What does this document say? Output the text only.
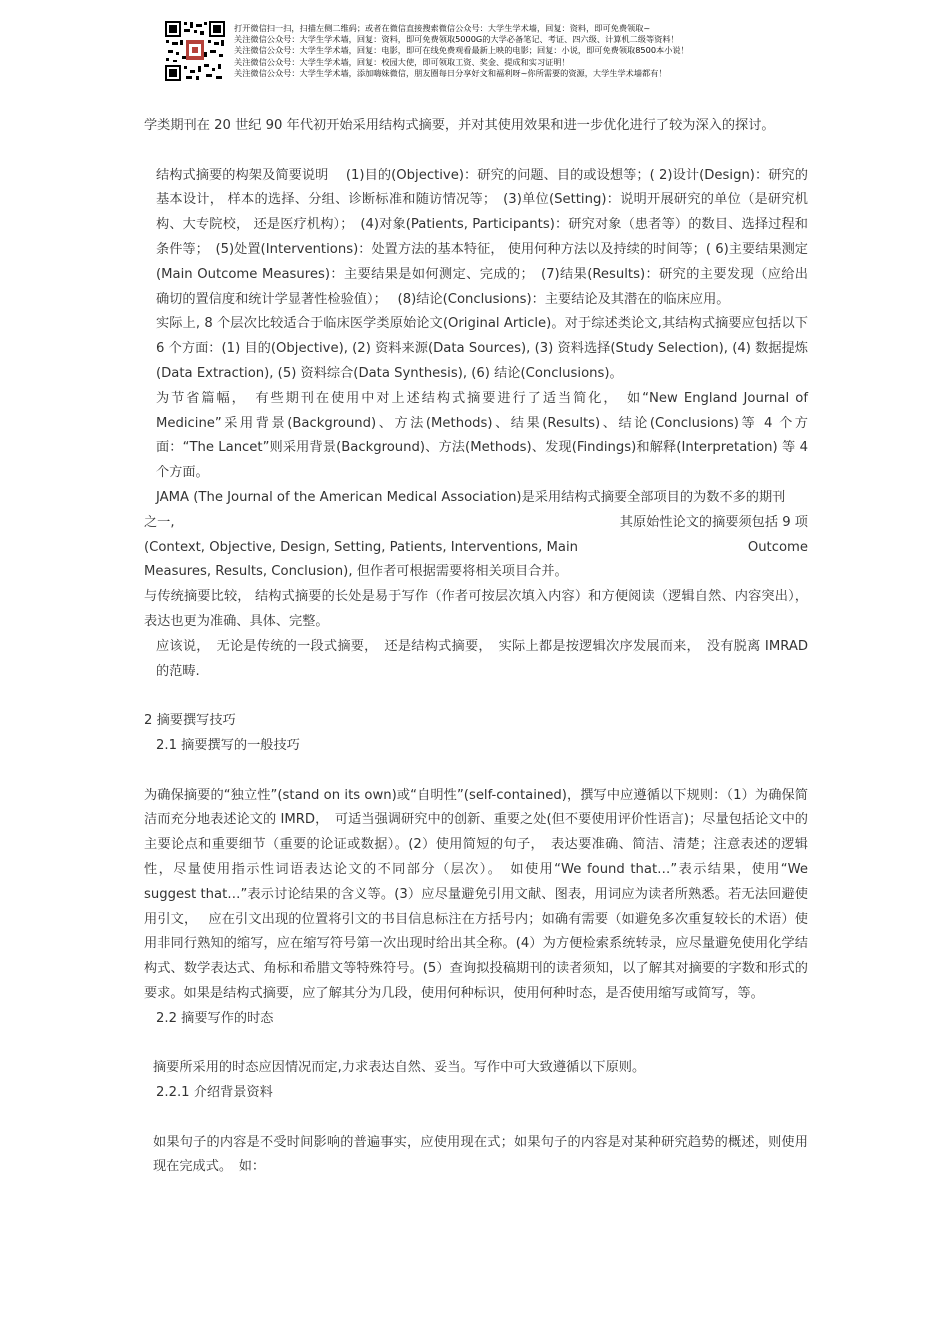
打开微信扫一扫，扫描左侧二维码；或者在微信直接搜索微信公众号：大学生学术墙，回复：资料，即可免费领取~
关注微信公众号：大学生学术墙，回复：资料，即可免费领取5000G的大学必备笔记、考证、四六级、计算机二级等资料！
关注微信公众号：大学生学术墙，回复：电影，即可在线免费观看最新上映的电影；回复：小说，即可免费领取8500本小说！
关注微信公众号：大学生学术墙，回复：校园大使，即可领取工资、奖金、提成和实习证明！
关注微信公众号：大学生学术墙，添加嗨妹微信，朋友圈每日分享好文和福利呀~你所需要的资源，大学生学术墙都有！

学类期刊在 20 世纪 90 年代初开始采用结构式摘要，并对其使用效果和进一步优化进行了较为深入的探讨。

结构式摘要的构架及简要说明　 (1)目的(Objective)：研究的问题、目的或设想等；( 2)设计(Design)：研究的基本设计， 样本的选择、分组、诊断标准和随访情况等；　(3)单位(Setting)：说明开展研究的单位（是研究机构、大专院校， 还是医疗机构）；　(4)对象(Patients, Participants)：研究对象（患者等）的数目、选择过程和条件等；　(5)处置(Interventions)：处置方法的基本特征， 使用何种方法以及持续的时间等；( 6)主要结果测定(Main Outcome Measures)：主要结果是如何测定、完成的；　(7)结果(Results)：研究的主要发现（应给出确切的置信度和统计学显著性检验值）；　 (8)结论(Conclusions)：主要结论及其潜在的临床应用。

实际上, 8 个层次比较适合于临床医学类原始论文(Original Article)。对于综述类论文,其结构式摘要应包括以下 6 个方面：(1) 目的(Objective), (2) 资料来源(Data Sources), (3) 资料选择(Study Selection), (4) 数据提炼(Data Extraction), (5) 资料综合(Data Synthesis), (6) 结论(Conclusions)。

为节省篇幅，　有些期刊在使用中对上述结构式摘要进行了适当简化，　如“New England Journal of Medicine”采用背景(Background)、方法(Methods)、结果(Results)、结论(Conclusions)等 4 个方面：“The Lancet”则采用背景(Background)、方法(Methods)、发现(Findings)和解释(Interpretation) 等 4 个方面。

JAMA (The Journal of the American Medical Association)是采用结构式摘要全部项目的为数不多的期刊

之一,	其原始性论文的摘要须包括 9 项
(Context, Objective, Design, Setting, Patients, Interventions, Main	Outcome

Measures, Results, Conclusion), 但作者可根据需要将相关项目合并。

与传统摘要比较， 结构式摘要的长处是易于写作（作者可按层次填入内容）和方便阅读（逻辑自然、内容突出），表达也更为准确、具体、完整。

应该说，　无论是传统的一段式摘要，　还是结构式摘要，　实际上都是按逻辑次序发展而来，　没有脱离 IMRAD 的范畴.

2 摘要撰写技巧

2.1 摘要撰写的一般技巧

为确保摘要的“独立性”(stand on its own)或“自明性”(self-contained)，撰写中应遵循以下规则：（1）为确保简洁而充分地表述论文的 IMRD，　可适当强调研究中的创新、重要之处(但不要使用评价性语言)；尽量包括论文中的主要论点和重要细节（重要的论证或数据）。(2）使用简短的句子，　表达要准确、简洁、清楚；注意表述的逻辑性，尽量使用指示性词语表达论文的不同部分（层次）。　如使用“We found that…”表示结果，使用“We suggest that…”表示讨论结果的含义等。(3）应尽量避免引用文献、图表，用词应为读者所熟悉。若无法回避使用引文，　 应在引文出现的位置将引文的书目信息标注在方括号内；如确有需要（如避免多次重复较长的术语）使用非同行熟知的缩写，应在缩写符号第一次出现时给出其全称。(4）为方便检索系统转录，应尽量避免使用化学结构式、数学表达式、角标和希腊文等特殊符号。(5）查询拟投稿期刊的读者须知，以了解其对摘要的字数和形式的要求。如果是结构式摘要，应了解其分为几段，使用何种标识，使用何种时态，是否使用缩写或简写，等。

2.2 摘要写作的时态

摘要所采用的时态应因情况而定,力求表达自然、妥当。写作中可大致遵循以下原则。

2.2.1 介绍背景资料

如果句子的内容是不受时间影响的普遍事实，应使用现在式；如果句子的内容是对某种研究趋势的概述，则使用现在完成式。　如：
